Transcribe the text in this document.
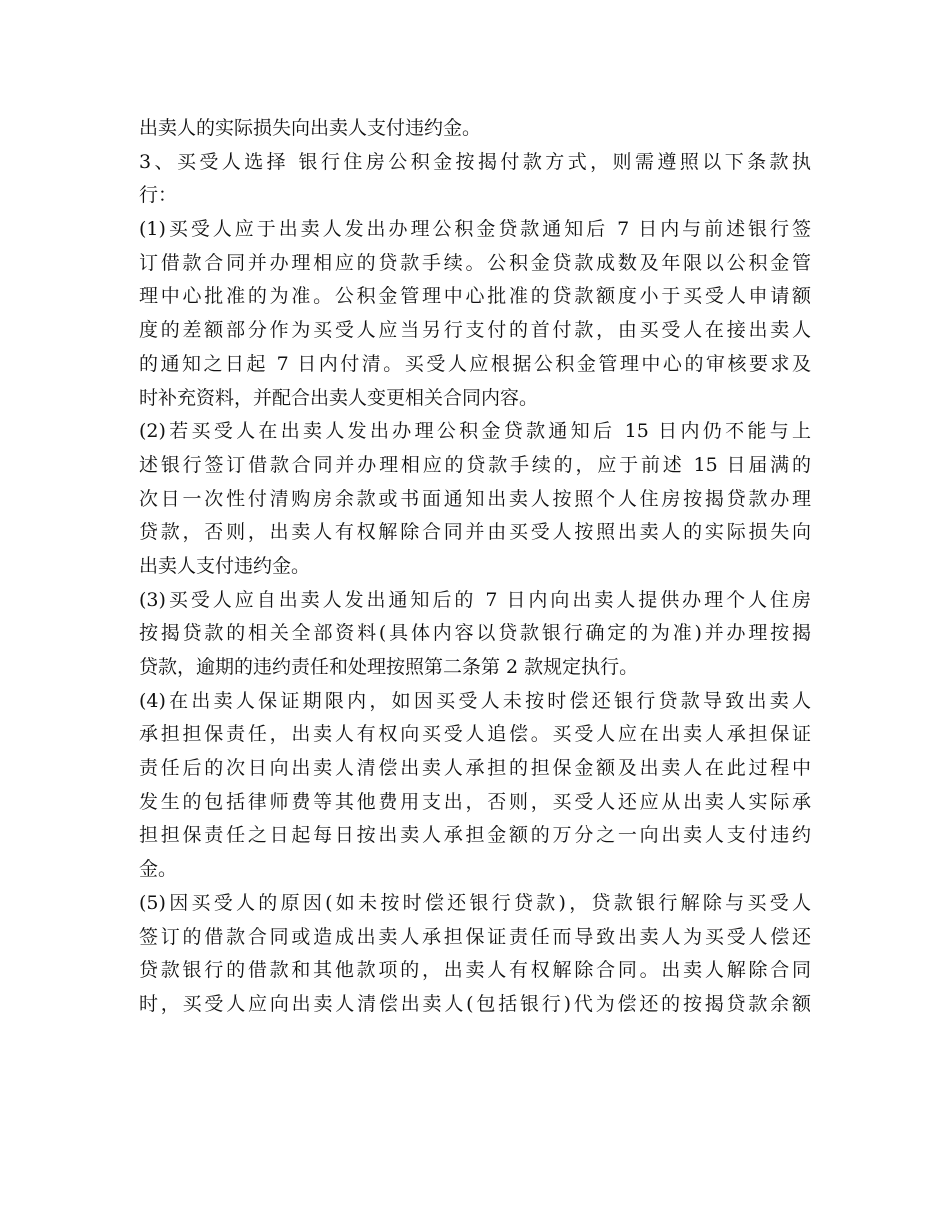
出卖人的实际损失向出卖人支付违约金。
3、买受人选择 银行住房公积金按揭付款方式，则需遵照以下条款执
行：
(1)买受人应于出卖人发出办理公积金贷款通知后 7 日内与前述银行签
订借款合同并办理相应的贷款手续。公积金贷款成数及年限以公积金管
理中心批准的为准。公积金管理中心批准的贷款额度小于买受人申请额
度的差额部分作为买受人应当另行支付的首付款，由买受人在接出卖人
的通知之日起 7 日内付清。买受人应根据公积金管理中心的审核要求及
时补充资料，并配合出卖人变更相关合同内容。
(2)若买受人在出卖人发出办理公积金贷款通知后 15 日内仍不能与上
述银行签订借款合同并办理相应的贷款手续的，应于前述 15 日届满的
次日一次性付清购房余款或书面通知出卖人按照个人住房按揭贷款办理
贷款，否则，出卖人有权解除合同并由买受人按照出卖人的实际损失向
出卖人支付违约金。
(3)买受人应自出卖人发出通知后的 7 日内向出卖人提供办理个人住房
按揭贷款的相关全部资料(具体内容以贷款银行确定的为准)并办理按揭
贷款，逾期的违约责任和处理按照第二条第 2 款规定执行。
(4)在出卖人保证期限内，如因买受人未按时偿还银行贷款导致出卖人
承担担保责任，出卖人有权向买受人追偿。买受人应在出卖人承担保证
责任后的次日向出卖人清偿出卖人承担的担保金额及出卖人在此过程中
发生的包括律师费等其他费用支出，否则，买受人还应从出卖人实际承
担担保责任之日起每日按出卖人承担金额的万分之一向出卖人支付违约
金。
(5)因买受人的原因(如未按时偿还银行贷款)，贷款银行解除与买受人
签订的借款合同或造成出卖人承担保证责任而导致出卖人为买受人偿还
贷款银行的借款和其他款项的，出卖人有权解除合同。出卖人解除合同
时，买受人应向出卖人清偿出卖人(包括银行)代为偿还的按揭贷款余额
